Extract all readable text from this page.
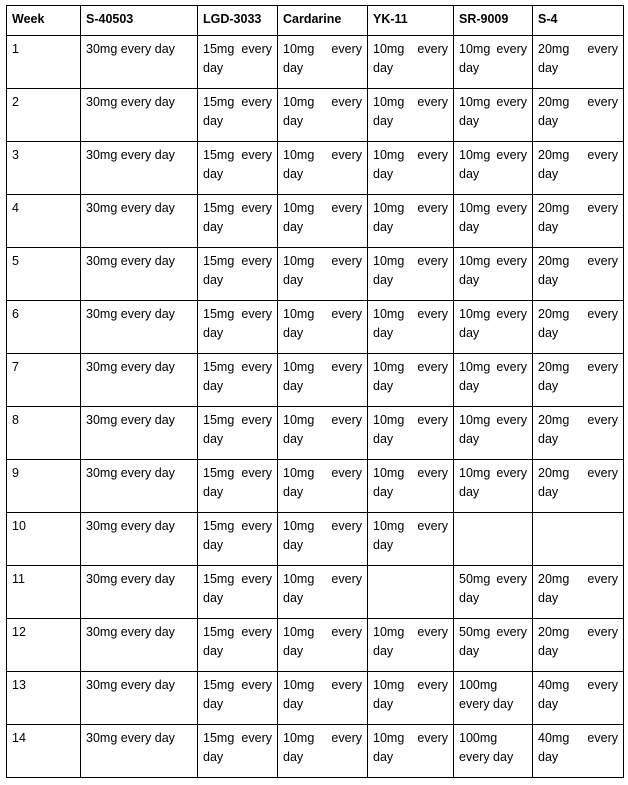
Week	S-40503	LGD-3033	Cardarine	YK-11	SR-9009	S-4
1	30mg every day	15mg every day	10mg every day	10mg every day	10mg every day	20mg every day
2	30mg every day	15mg every day	10mg every day	10mg every day	10mg every day	20mg every day
3	30mg every day	15mg every day	10mg every day	10mg every day	10mg every day	20mg every day
4	30mg every day	15mg every day	10mg every day	10mg every day	10mg every day	20mg every day
5	30mg every day	15mg every day	10mg every day	10mg every day	10mg every day	20mg every day
6	30mg every day	15mg every day	10mg every day	10mg every day	10mg every day	20mg every day
7	30mg every day	15mg every day	10mg every day	10mg every day	10mg every day	20mg every day
8	30mg every day	15mg every day	10mg every day	10mg every day	10mg every day	20mg every day
9	30mg every day	15mg every day	10mg every day	10mg every day	10mg every day	20mg every day
10	30mg every day	15mg every day	10mg every day	10mg every day		
11	30mg every day	15mg every day	10mg every day		50mg every day	20mg every day
12	30mg every day	15mg every day	10mg every day	10mg every day	50mg every day	20mg every day
13	30mg every day	15mg every day	10mg every day	10mg every day	100mg every day	40mg every day
14	30mg every day	15mg every day	10mg every day	10mg every day	100mg every day	40mg every day
